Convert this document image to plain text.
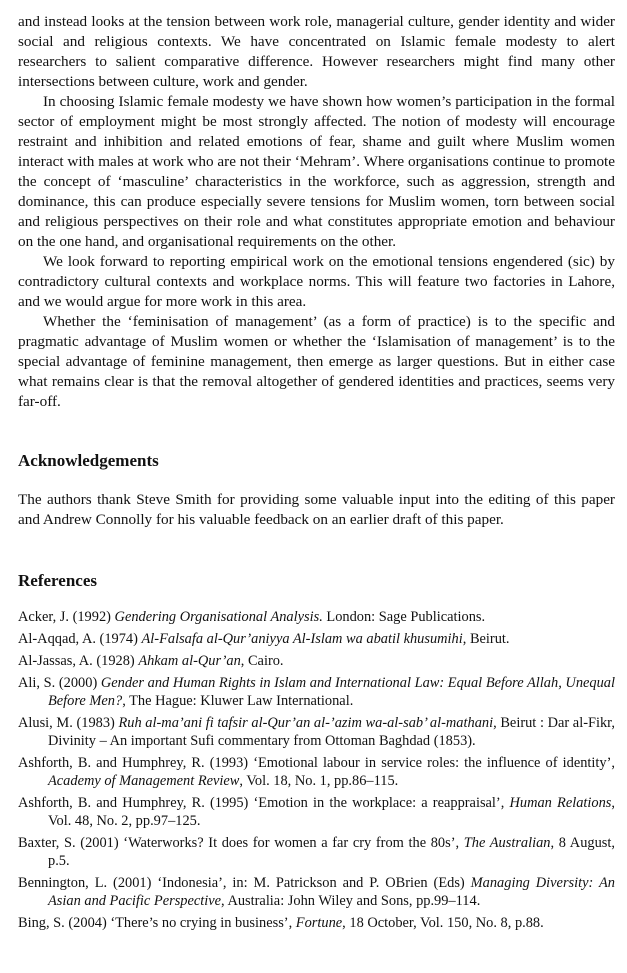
and instead looks at the tension between work role, managerial culture, gender identity and wider social and religious contexts. We have concentrated on Islamic female modesty to alert researchers to salient comparative difference. However researchers might find many other intersections between culture, work and gender.

In choosing Islamic female modesty we have shown how women’s participation in the formal sector of employment might be most strongly affected. The notion of modesty will encourage restraint and inhibition and related emotions of fear, shame and guilt where Muslim women interact with males at work who are not their ‘Mehram’. Where organisations continue to promote the concept of ‘masculine’ characteristics in the workforce, such as aggression, strength and dominance, this can produce especially severe tensions for Muslim women, torn between social and religious perspectives on their role and what constitutes appropriate emotion and behaviour on the one hand, and organisational requirements on the other.

We look forward to reporting empirical work on the emotional tensions engendered (sic) by contradictory cultural contexts and workplace norms. This will feature two factories in Lahore, and we would argue for more work in this area.

Whether the ‘feminisation of management’ (as a form of practice) is to the specific and pragmatic advantage of Muslim women or whether the ‘Islamisation of management’ is to the special advantage of feminine management, then emerge as larger questions. But in either case what remains clear is that the removal altogether of gendered identities and practices, seems very far-off.

Acknowledgements

The authors thank Steve Smith for providing some valuable input into the editing of this paper and Andrew Connolly for his valuable feedback on an earlier draft of this paper.

References

Acker, J. (1992) Gendering Organisational Analysis. London: Sage Publications.

Al-Aqqad, A. (1974) Al-Falsafa al-Qur’aniyya Al-Islam wa abatil khusumihi, Beirut.

Al-Jassas, A. (1928) Ahkam al-Qur’an, Cairo.

Ali, S. (2000) Gender and Human Rights in Islam and International Law: Equal Before Allah, Unequal Before Men?, The Hague: Kluwer Law International.

Alusi, M. (1983) Ruh al-ma’ani fi tafsir al-Qur’an al-’azim wa-al-sab’ al-mathani, Beirut : Dar al-Fikr, Divinity – An important Sufi commentary from Ottoman Baghdad (1853).

Ashforth, B. and Humphrey, R. (1993) ‘Emotional labour in service roles: the influence of identity’, Academy of Management Review, Vol. 18, No. 1, pp.86–115.

Ashforth, B. and Humphrey, R. (1995) ‘Emotion in the workplace: a reappraisal’, Human Relations, Vol. 48, No. 2, pp.97–125.

Baxter, S. (2001) ‘Waterworks? It does for women a far cry from the 80s’, The Australian, 8 August, p.5.

Bennington, L. (2001) ‘Indonesia’, in: M. Patrickson and P. OBrien (Eds) Managing Diversity: An Asian and Pacific Perspective, Australia: John Wiley and Sons, pp.99–114.

Bing, S. (2004) ‘There’s no crying in business’, Fortune, 18 October, Vol. 150, No. 8, p.88.
